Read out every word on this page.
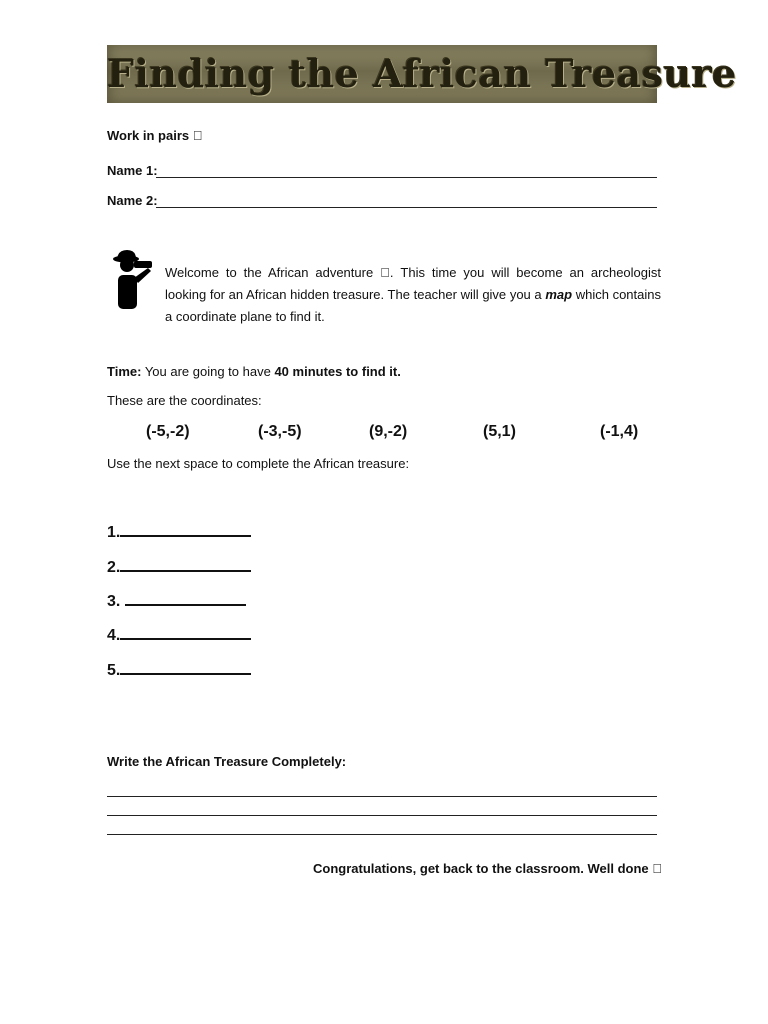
Finding the African Treasure
Work in pairs
Name 1:
Name 2:
Welcome to the African adventure . This time you will become an archeologist looking for an African hidden treasure. The teacher will give you a map which contains a coordinate plane to find it.
Time: You are going to have 40 minutes to find it.
These are the coordinates:
(-5,-2)	(-3,-5)	(9,-2)	(5,1)	(-1,4)
Use the next space to complete the African treasure:
1.
2.
3.
4.
5.
Write the African Treasure Completely:
Congratulations, get back to the classroom. Well done
